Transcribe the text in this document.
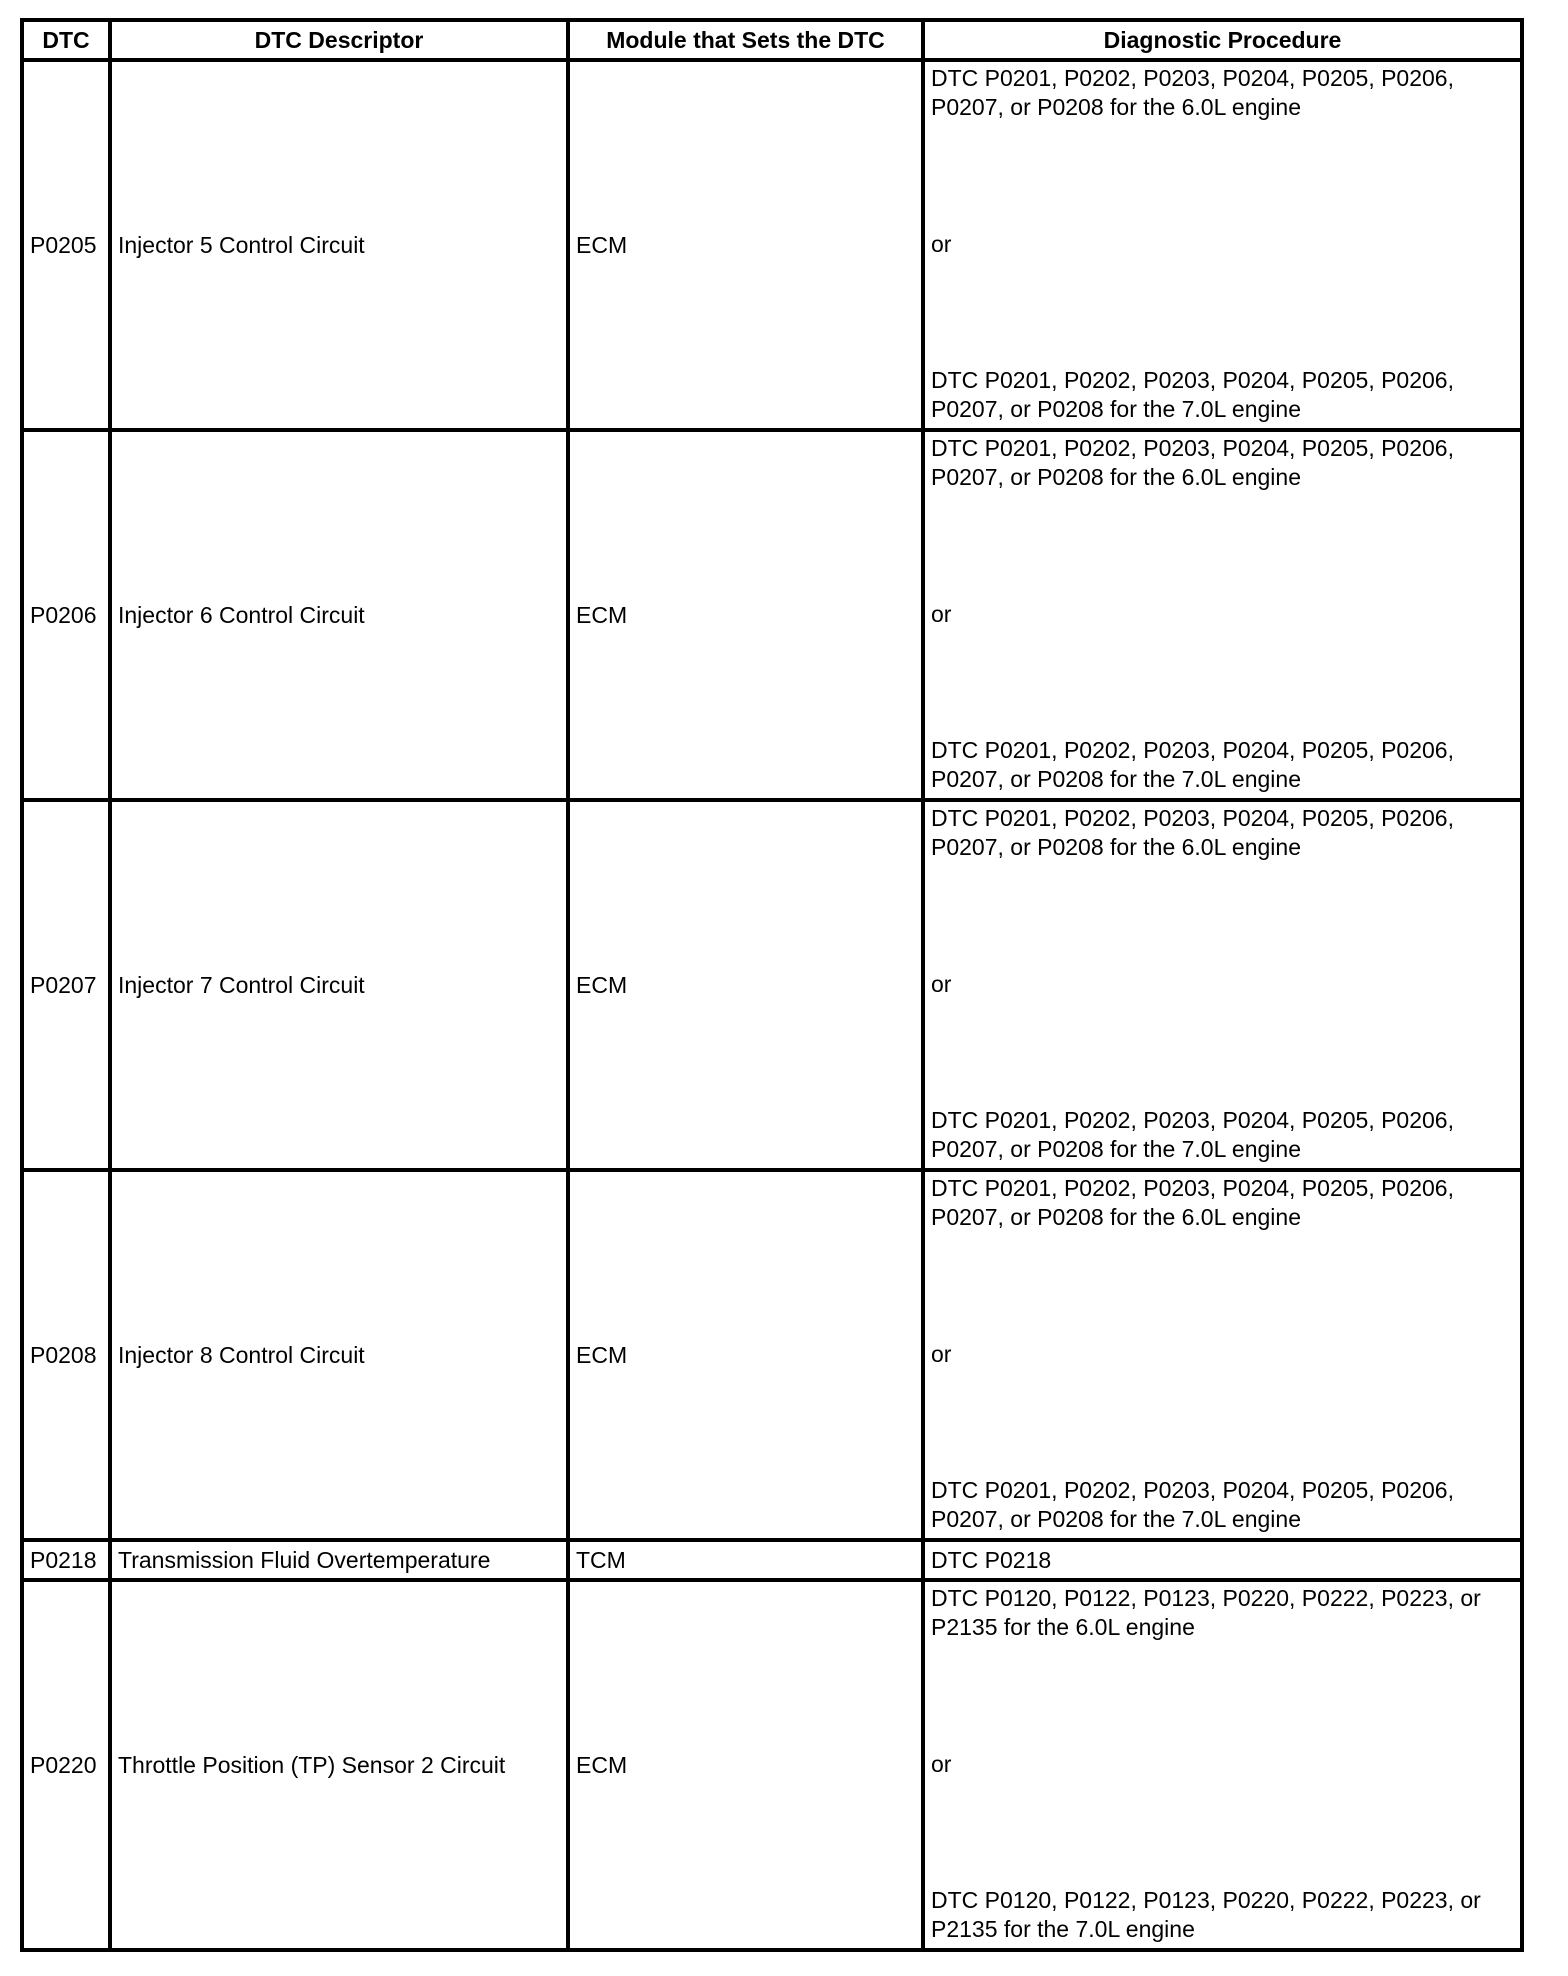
DTC	DTC Descriptor	Module that Sets the DTC	Diagnostic Procedure
P0205	Injector 5 Control Circuit	ECM	DTC P0201, P0202, P0203, P0204, P0205, P0206, P0207, or P0208 for the 6.0L engine
or
DTC P0201, P0202, P0203, P0204, P0205, P0206, P0207, or P0208 for the 7.0L engine

P0206	Injector 6 Control Circuit	ECM	DTC P0201, P0202, P0203, P0204, P0205, P0206, P0207, or P0208 for the 6.0L engine
or
DTC P0201, P0202, P0203, P0204, P0205, P0206, P0207, or P0208 for the 7.0L engine

P0207	Injector 7 Control Circuit	ECM	DTC P0201, P0202, P0203, P0204, P0205, P0206, P0207, or P0208 for the 6.0L engine
or
DTC P0201, P0202, P0203, P0204, P0205, P0206, P0207, or P0208 for the 7.0L engine

P0208	Injector 8 Control Circuit	ECM	DTC P0201, P0202, P0203, P0204, P0205, P0206, P0207, or P0208 for the 6.0L engine
or
DTC P0201, P0202, P0203, P0204, P0205, P0206, P0207, or P0208 for the 7.0L engine

P0218	Transmission Fluid Overtemperature	TCM	DTC P0218
P0220	Throttle Position (TP) Sensor 2 Circuit	ECM	DTC P0120, P0122, P0123, P0220, P0222, P0223, or P2135 for the 6.0L engine
or
DTC P0120, P0122, P0123, P0220, P0222, P0223, or P2135 for the 7.0L engine
